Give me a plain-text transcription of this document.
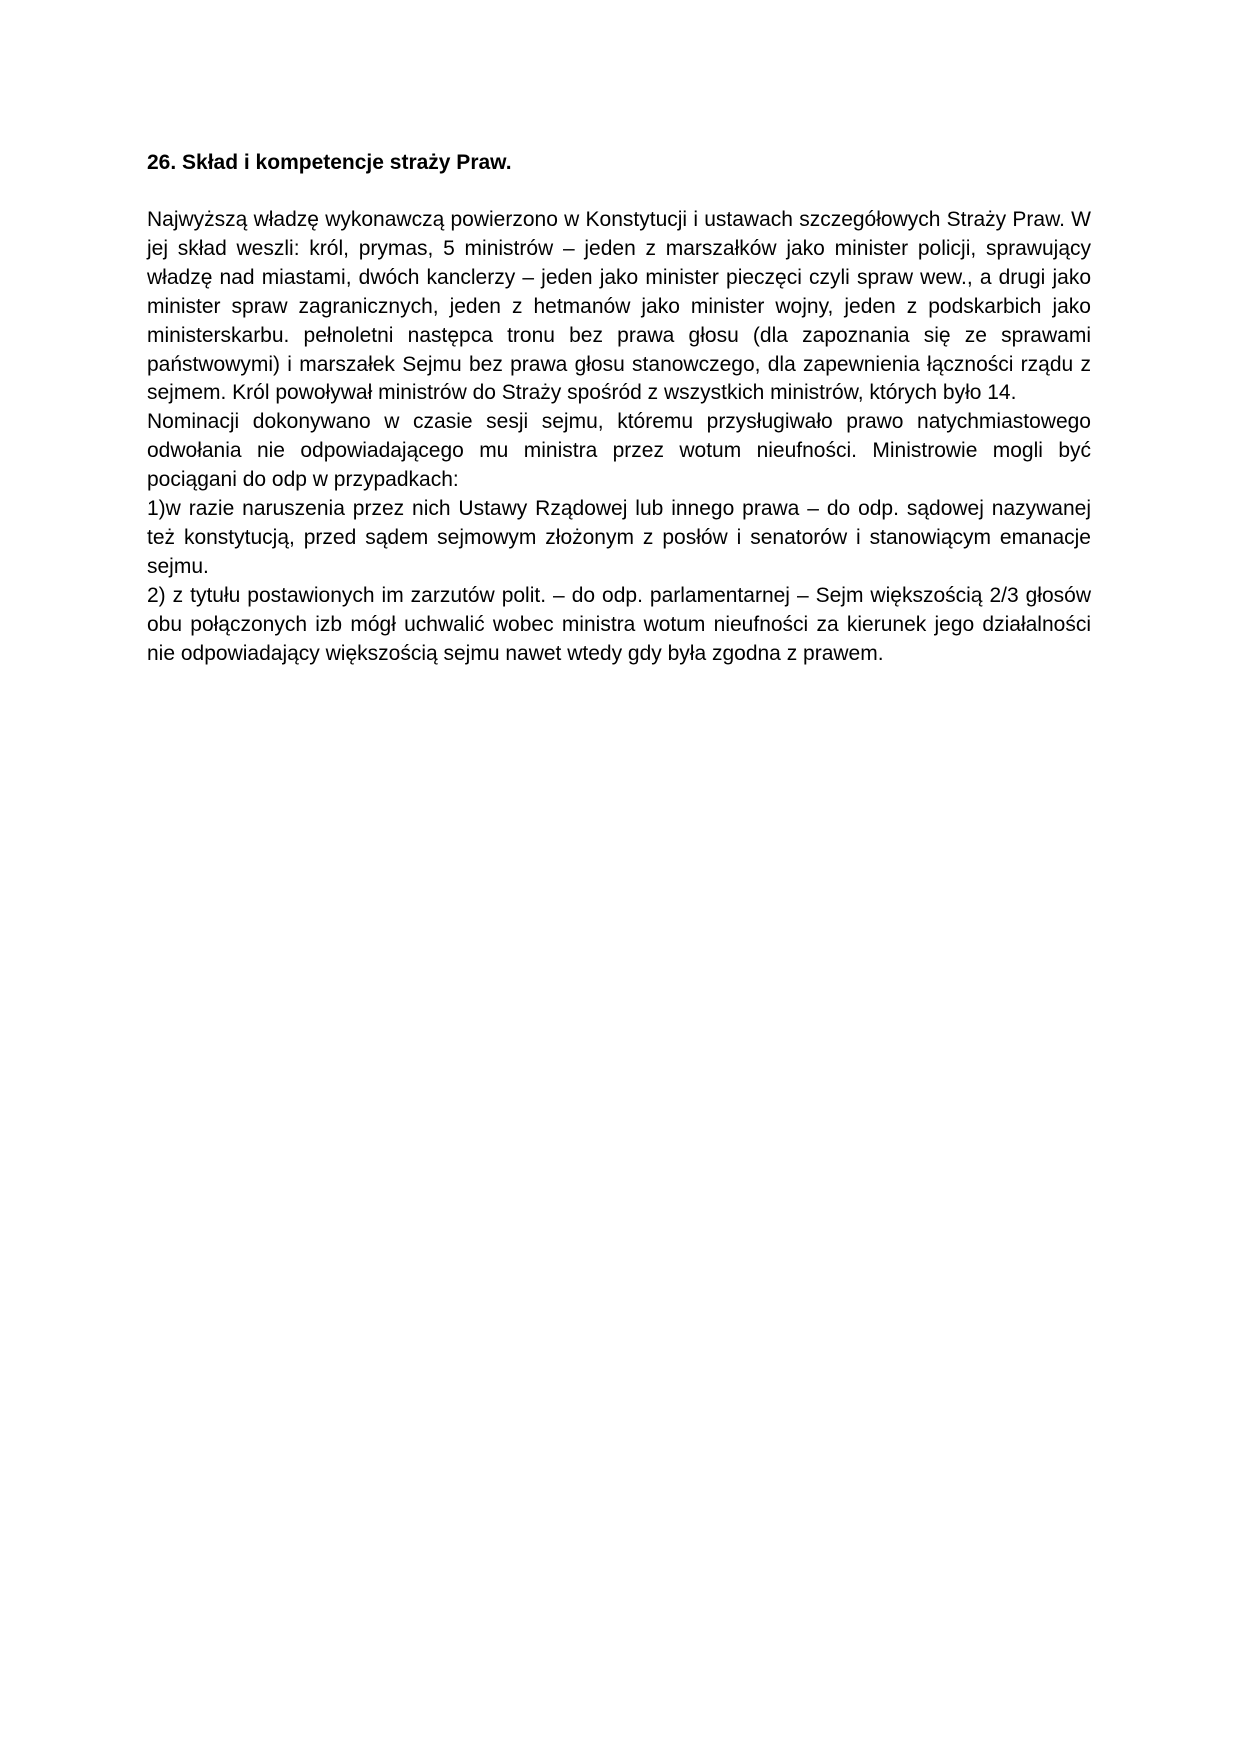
26. Skład i kompetencje straży Praw.

Najwyższą władzę wykonawczą powierzono w Konstytucji i ustawach szczegółowych Straży Praw. W jej skład weszli: król, prymas, 5 ministrów – jeden z marszałków jako minister policji, sprawujący władzę nad miastami, dwóch kanclerzy – jeden jako minister pieczęci czyli spraw wew., a drugi jako minister spraw zagranicznych, jeden z hetmanów jako minister wojny, jeden z podskarbich jako ministerskarbu. pełnoletni następca tronu bez prawa głosu (dla zapoznania się ze sprawami państwowymi) i marszałek Sejmu bez prawa głosu stanowczego, dla zapewnienia łączności rządu z sejmem. Król powoływał ministrów do Straży spośród z wszystkich ministrów, których było 14.

Nominacji dokonywano w czasie sesji sejmu, któremu przysługiwało prawo natychmiastowego odwołania nie odpowiadającego mu ministra przez wotum nieufności. Ministrowie mogli być pociągani do odp w przypadkach:

1)w razie naruszenia przez nich Ustawy Rządowej lub innego prawa – do odp. sądowej nazywanej też konstytucją, przed sądem sejmowym złożonym z posłów i senatorów i stanowiącym emanacje sejmu.

2) z tytułu postawionych im zarzutów polit. – do odp. parlamentarnej – Sejm większością 2/3 głosów obu połączonych izb mógł uchwalić wobec ministra wotum nieufności za kierunek jego działalności nie odpowiadający większością sejmu nawet wtedy gdy była zgodna z prawem.
